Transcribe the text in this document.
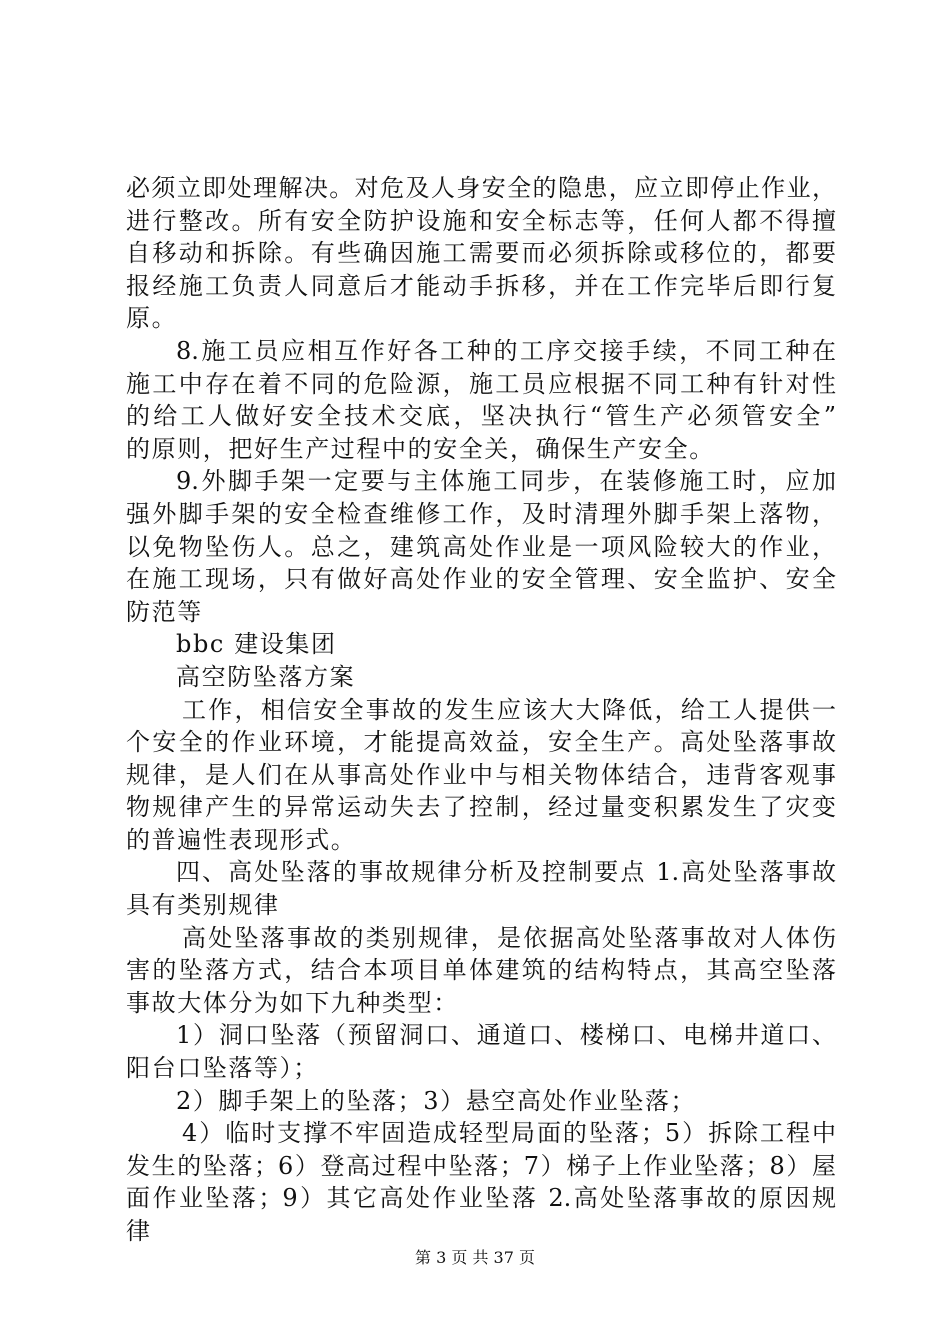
必须立即处理解决。对危及人身安全的隐患，应立即停止作业，
进行整改。所有安全防护设施和安全标志等，任何人都不得擅
自移动和拆除。有些确因施工需要而必须拆除或移位的，都要
报经施工负责人同意后才能动手拆移，并在工作完毕后即行复
原。
8.施工员应相互作好各工种的工序交接手续，不同工种在
施工中存在着不同的危险源，施工员应根据不同工种有针对性
的给工人做好安全技术交底，坚决执行“管生产必须管安全”
的原则，把好生产过程中的安全关，确保生产安全。
9.外脚手架一定要与主体施工同步，在装修施工时，应加
强外脚手架的安全检查维修工作，及时清理外脚手架上落物，
以免物坠伤人。总之，建筑高处作业是一项风险较大的作业，
在施工现场，只有做好高处作业的安全管理、安全监护、安全
防范等
bbc 建设集团
高空防坠落方案
工作，相信安全事故的发生应该大大降低，给工人提供一
个安全的作业环境，才能提高效益，安全生产。高处坠落事故
规律，是人们在从事高处作业中与相关物体结合，违背客观事
物规律产生的异常运动失去了控制，经过量变积累发生了灾变
的普遍性表现形式。
四、高处坠落的事故规律分析及控制要点 1.高处坠落事故
具有类别规律
高处坠落事故的类别规律，是依据高处坠落事故对人体伤
害的坠落方式，结合本项目单体建筑的结构特点，其高空坠落
事故大体分为如下九种类型：
1）洞口坠落（预留洞口、通道口、楼梯口、电梯井道口、
阳台口坠落等）；
2）脚手架上的坠落；3）悬空高处作业坠落；
4）临时支撑不牢固造成轻型局面的坠落；5）拆除工程中
发生的坠落；6）登高过程中坠落；7）梯子上作业坠落；8）屋
面作业坠落；9）其它高处作业坠落 2.高处坠落事故的原因规
律
第 3 页 共 37 页
